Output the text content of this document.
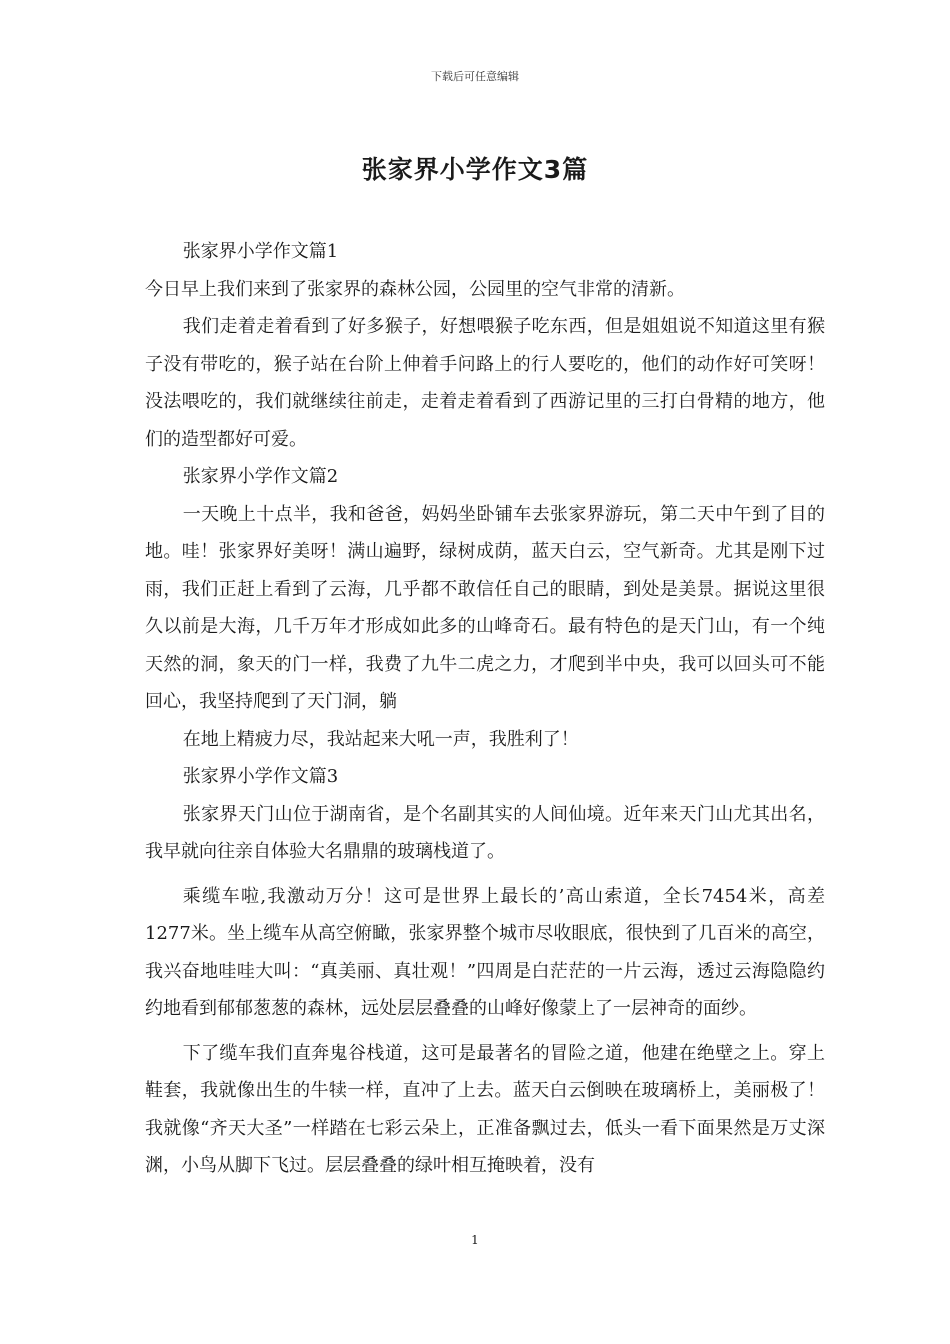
下载后可任意编辑
张家界小学作文3篇

张家界小学作文篇1

今日早上我们来到了张家界的森林公园，公园里的空气非常的清新。

我们走着走着看到了好多猴子，好想喂猴子吃东西，但是姐姐说不知道这里有猴子没有带吃的，猴子站在台阶上伸着手问路上的行人要吃的，他们的动作好可笑呀！没法喂吃的，我们就继续往前走，走着走着看到了西游记里的三打白骨精的地方，他们的造型都好可爱。

张家界小学作文篇2

一天晚上十点半，我和爸爸，妈妈坐卧铺车去张家界游玩，第二天中午到了目的地。哇！张家界好美呀！满山遍野，绿树成荫，蓝天白云，空气新奇。尤其是刚下过雨，我们正赶上看到了云海，几乎都不敢信任自己的眼睛，到处是美景。据说这里很久以前是大海，几千万年才形成如此多的山峰奇石。最有特色的是天门山，有一个纯天然的洞，象天的门一样，我费了九牛二虎之力，才爬到半中央，我可以回头可不能回心，我坚持爬到了天门洞，躺

在地上精疲力尽，我站起来大吼一声，我胜利了！

张家界小学作文篇3

张家界天门山位于湖南省，是个名副其实的人间仙境。近年来天门山尤其出名，我早就向往亲自体验大名鼎鼎的玻璃栈道了。

乘缆车啦,我激动万分！这可是世界上最长的’高山索道，全长7454米，高差1277米。坐上缆车从高空俯瞰，张家界整个城市尽收眼底，很快到了几百米的高空，我兴奋地哇哇大叫：“真美丽、真壮观！”四周是白茫茫的一片云海，透过云海隐隐约约地看到郁郁葱葱的森林，远处层层叠叠的山峰好像蒙上了一层神奇的面纱。

下了缆车我们直奔鬼谷栈道，这可是最著名的冒险之道，他建在绝壁之上。穿上鞋套，我就像出生的牛犊一样，直冲了上去。蓝天白云倒映在玻璃桥上，美丽极了！我就像“齐天大圣”一样踏在七彩云朵上，正准备飘过去，低头一看下面果然是万丈深渊，小鸟从脚下飞过。层层叠叠的绿叶相互掩映着，没有

1
